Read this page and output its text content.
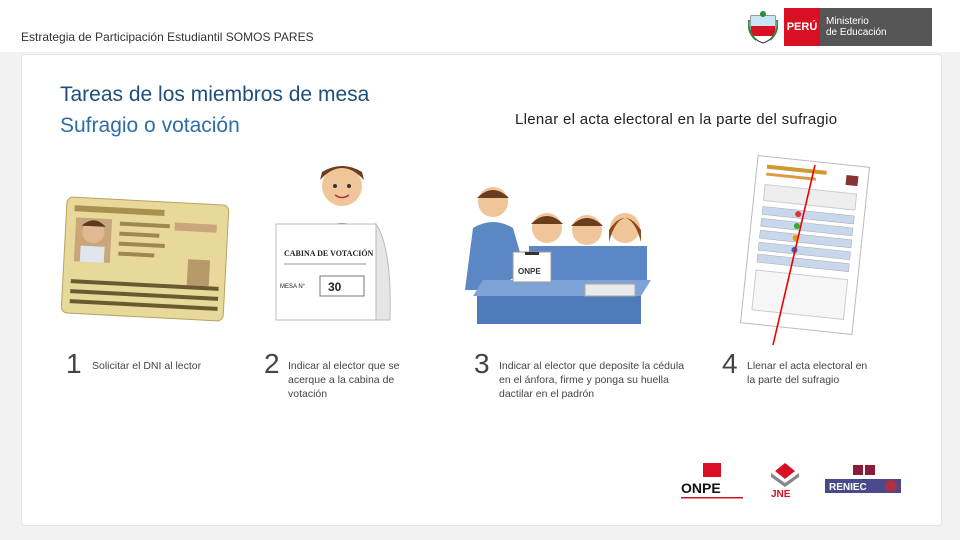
Estrategia de Participación Estudiantil SOMOS PARES
PERÚ Ministerio
de Educación
Tareas de los miembros de mesa
Sufragio o votación	Llenar el acta electoral en la parte del sufragio
CABINA DE VOTACIÓN
MESA N° 30
ONPE
1 Solicitar el DNI al lector	2 Indicar al elector que se acerque a la cabina de votación
3 Indicar al elector que deposite la cédula en el ánfora, firme y ponga su huella dactilar en el padrón
4 Llenar el acta electoral en la parte del sufragio
ONPE	JNE
RENIEC
